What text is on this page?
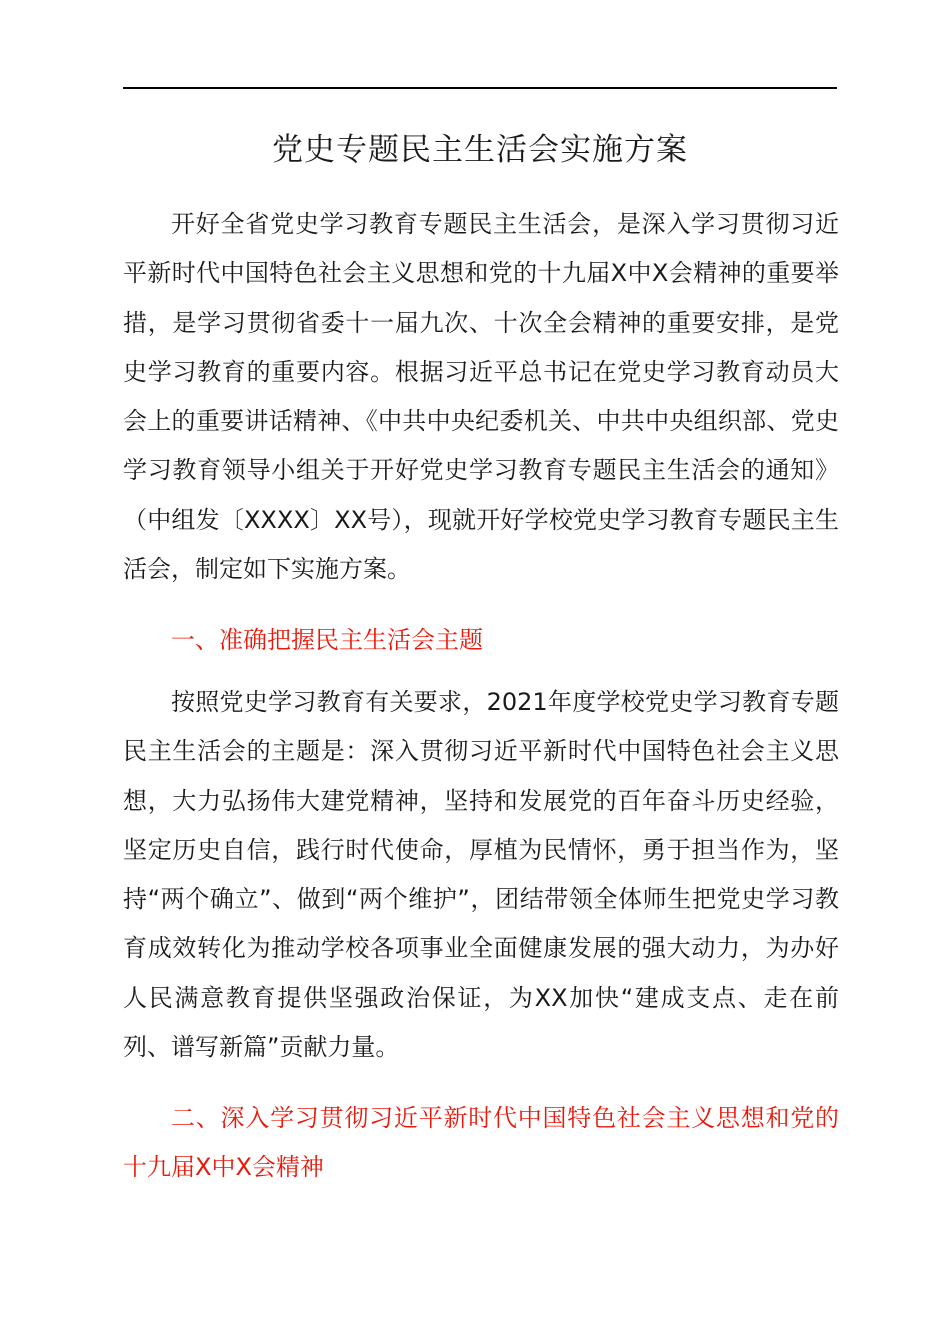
党史专题民主生活会实施方案

开好全省党史学习教育专题民主生活会，是深入学习贯彻习近平新时代中国特色社会主义思想和党的十九届X中X会精神的重要举措，是学习贯彻省委十一届九次、十次全会精神的重要安排，是党史学习教育的重要内容。根据习近平总书记在党史学习教育动员大会上的重要讲话精神、《中共中央纪委机关、中共中央组织部、党史学习教育领导小组关于开好党史学习教育专题民主生活会的通知》（中组发〔XXXX〕XX号），现就开好学校党史学习教育专题民主生活会，制定如下实施方案。

一、准确把握民主生活会主题

按照党史学习教育有关要求，2021年度学校党史学习教育专题民主生活会的主题是：深入贯彻习近平新时代中国特色社会主义思想，大力弘扬伟大建党精神，坚持和发展党的百年奋斗历史经验，坚定历史自信，践行时代使命，厚植为民情怀，勇于担当作为，坚持“两个确立”、做到“两个维护”，团结带领全体师生把党史学习教育成效转化为推动学校各项事业全面健康发展的强大动力，为办好人民满意教育提供坚强政治保证，为XX加快“建成支点、走在前列、谱写新篇”贡献力量。

二、深入学习贯彻习近平新时代中国特色社会主义思想和党的十九届X中X会精神
